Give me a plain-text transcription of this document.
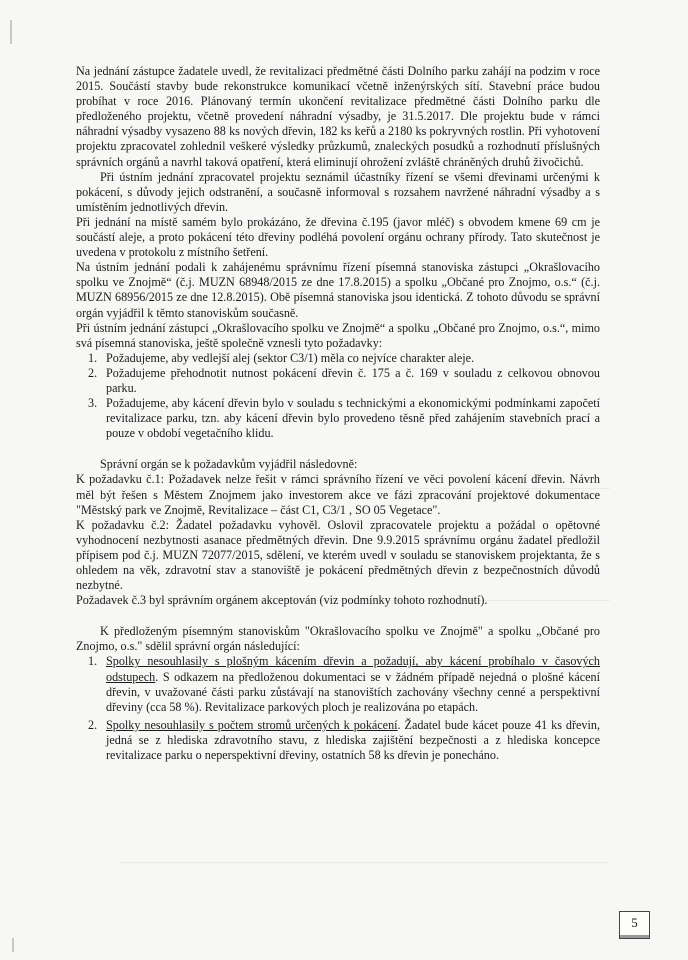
Na jednání zástupce žadatele uvedl, že revitalizaci předmětné části Dolního parku zahájí na podzim v roce 2015. Součástí stavby bude rekonstrukce komunikací včetně inženýrských sítí. Stavební práce budou probíhat v roce 2016. Plánovaný termín ukončení revitalizace předmětné části Dolního parku dle předloženého projektu, včetně provedení náhradní výsadby, je 31.5.2017. Dle projektu bude v rámci náhradní výsadby vysazeno 88 ks nových dřevin, 182 ks keřů a 2180 ks pokryvných rostlin. Při vyhotovení projektu zpracovatel zohlednil veškeré výsledky průzkumů, znaleckých posudků a rozhodnutí příslušných správních orgánů a navrhl taková opatření, která eliminují ohrožení zvláště chráněných druhů živočichů.

Při ústním jednání zpracovatel projektu seznámil účastníky řízení se všemi dřevinami určenými k pokácení, s důvody jejich odstranění, a současně informoval s rozsahem navržené náhradní výsadby a s umístěním jednotlivých dřevin.

Při jednání na místě samém bylo prokázáno, že dřevina č.195 (javor mléč) s obvodem kmene 69 cm je součástí aleje, a proto pokácení této dřeviny podléhá povolení orgánu ochrany přírody. Tato skutečnost je uvedena v protokolu z místního šetření.

Na ústním jednání podali k zahájenému správnímu řízení písemná stanoviska zástupci „Okrašlovacího spolku ve Znojmě“ (č.j. MUZN 68948/2015 ze dne 17.8.2015) a spolku „Občané pro Znojmo, o.s.“ (č.j. MUZN 68956/2015 ze dne 12.8.2015). Obě písemná stanoviska jsou identická. Z tohoto důvodu se správní orgán vyjádřil k těmto stanoviskům současně.

Při ústním jednání zástupci „Okrašlovacího spolku ve Znojmě“ a spolku „Občané pro Znojmo, o.s.“, mimo svá písemná stanoviska, ještě společně vznesli tyto požadavky:

1. Požadujeme, aby vedlejší alej (sektor C3/1) měla co nejvíce charakter aleje.
2. Požadujeme přehodnotit nutnost pokácení dřevin č. 175 a č. 169 v souladu z celkovou obnovou parku.
3. Požadujeme, aby kácení dřevin bylo v souladu s technickými a ekonomickými podmínkami započetí revitalizace parku, tzn. aby kácení dřevin bylo provedeno těsně před zahájením stavebních prací a pouze v období vegetačního klidu.

Správní orgán se k požadavkům vyjádřil následovně:

K požadavku č.1: Požadavek nelze řešit v rámci správního řízení ve věci povolení kácení dřevin. Návrh měl být řešen s Městem Znojmem jako investorem akce ve fázi zpracování projektové dokumentace "Městský park ve Znojmě, Revitalizace – část C1, C3/1 , SO 05 Vegetace".

K požadavku č.2: Žadatel požadavku vyhověl. Oslovil zpracovatele projektu a požádal o opětovné vyhodnocení nezbytnosti asanace předmětných dřevin. Dne 9.9.2015 správnímu orgánu žadatel předložil přípisem pod č.j. MUZN 72077/2015, sdělení, ve kterém uvedl v souladu se stanoviskem projektanta, že s ohledem na věk, zdravotní stav a stanoviště je pokácení předmětných dřevin z bezpečnostních důvodů nezbytné.

Požadavek č.3 byl správním orgánem akceptován (viz podmínky tohoto rozhodnutí).

K předloženým písemným stanoviskům "Okrašlovacího spolku ve Znojmě" a spolku „Občané pro Znojmo, o.s." sdělil správní orgán následující:

1. Spolky nesouhlasily s plošným kácením dřevin a požadují, aby kácení probíhalo v časových odstupech. S odkazem na předloženou dokumentaci se v žádném případě nejedná o plošné kácení dřevin, v uvažované části parku zůstávají na stanovištích zachovány všechny cenné a perspektivní dřeviny (cca 58 %). Revitalizace parkových ploch je realizována po etapách.
2. Spolky nesouhlasily s počtem stromů určených k pokácení. Žadatel bude kácet pouze 41 ks dřevin, jedná se z hlediska zdravotního stavu, z hlediska zajištění bezpečnosti a z hlediska koncepce revitalizace parku o neperspektivní dřeviny, ostatních 58 ks dřevin je ponecháno.
5
